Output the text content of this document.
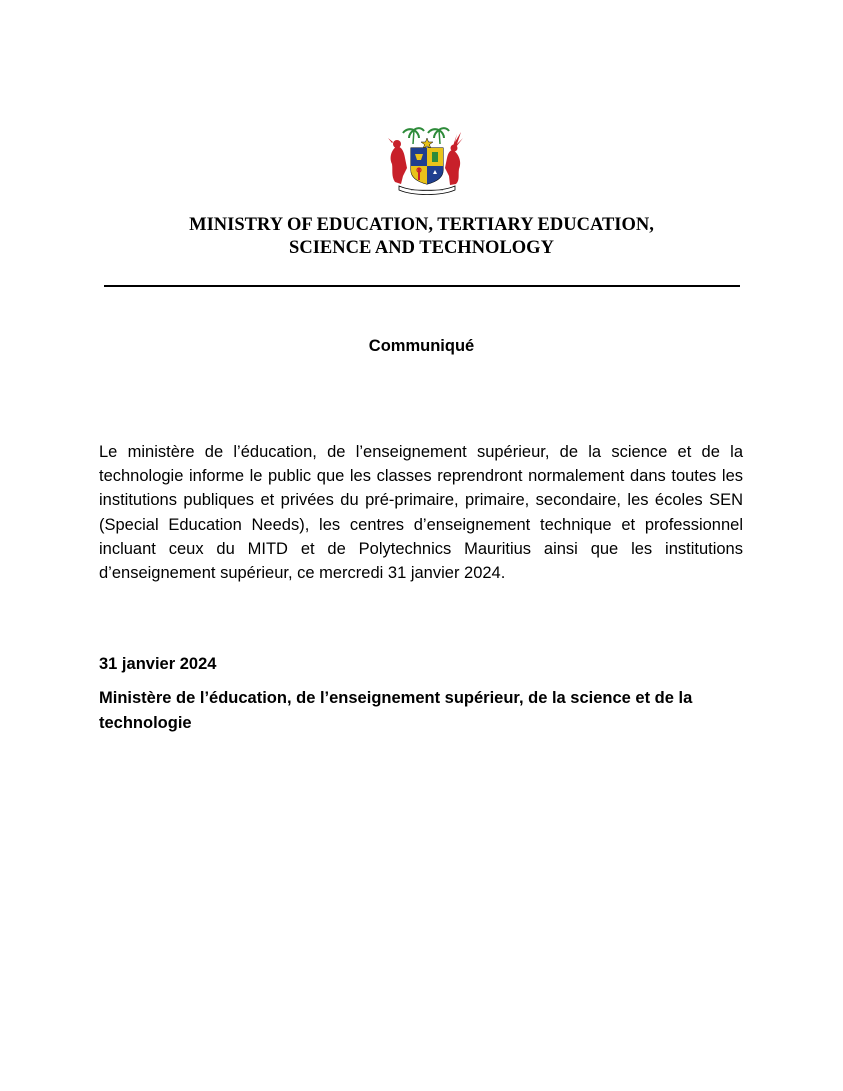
MINISTRY OF EDUCATION, TERTIARY EDUCATION,
SCIENCE AND TECHNOLOGY
Communiqué

Le ministère de l’éducation, de l’enseignement supérieur, de la science et de la technologie informe le public que les classes reprendront normalement dans toutes les institutions publiques et privées du pré-primaire, primaire, secondaire, les écoles SEN (Special Education Needs), les centres d’enseignement technique et professionnel incluant ceux du MITD et de Polytechnics Mauritius ainsi que les institutions d’enseignement supérieur, ce mercredi 31 janvier 2024.

31 janvier 2024
Ministère de l’éducation, de l’enseignement supérieur, de la science et de la technologie
